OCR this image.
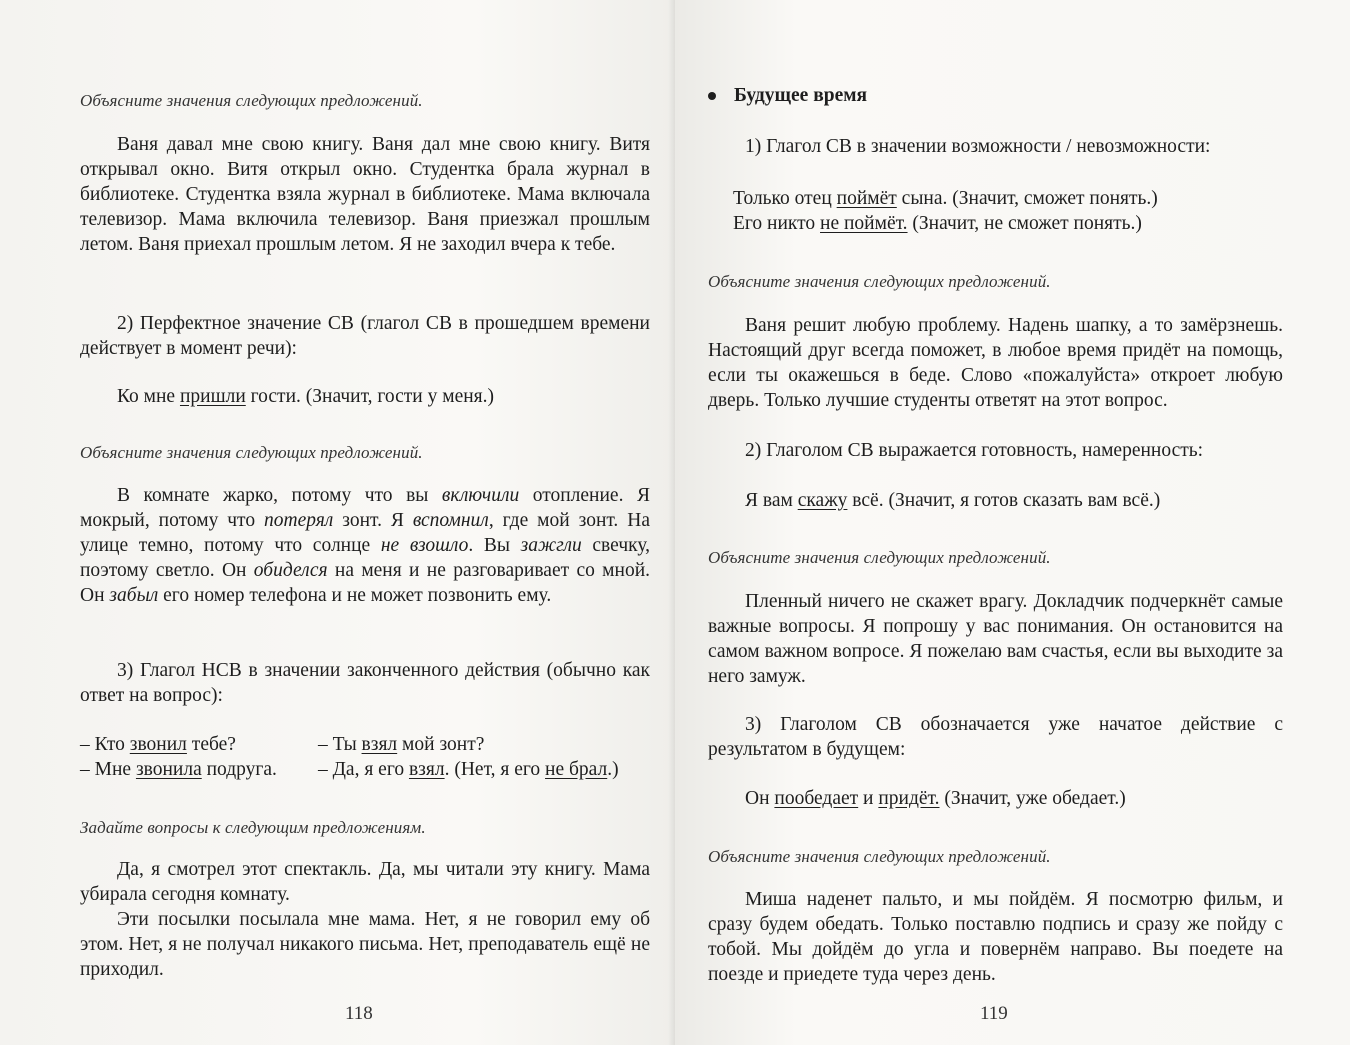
Объясните значения следующих предложений.

Ваня давал мне свою книгу. Ваня дал мне свою книгу. Витя открывал окно. Витя открыл окно. Студентка брала журнал в библиотеке. Студентка взяла журнал в библиотеке. Мама включала телевизор. Мама включила телевизор. Ваня приезжал прошлым летом. Ваня приехал прошлым летом. Я не заходил вчера к тебе.

2) Перфектное значение СВ (глагол СВ в прошедшем времени действует в момент речи):

Ко мне пришли гости. (Значит, гости у меня.)

Объясните значения следующих предложений.

В комнате жарко, потому что вы включили отопление. Я мокрый, потому что потерял зонт. Я вспомнил, где мой зонт. На улице темно, потому что солнце не взошло. Вы зажгли свечку, поэтому светло. Он обиделся на меня и не разговаривает со мной. Он забыл его номер телефона и не может позвонить ему.

3) Глагол НСВ в значении законченного действия (обычно как ответ на вопрос):

– Кто звонил тебе?	– Ты взял мой зонт?
– Мне звонила подруга.	– Да, я его взял. (Нет, я его не брал.)

Задайте вопросы к следующим предложениям.

Да, я смотрел этот спектакль. Да, мы читали эту книгу. Мама убирала сегодня комнату.

Эти посылки посылала мне мама. Нет, я не говорил ему об этом. Нет, я не получал никакого письма. Нет, преподаватель ещё не приходил.

118
Будущее время

1) Глагол СВ в значении возможности / невозможности:

Только отец поймёт сына. (Значит, сможет понять.)

Его никто не поймёт. (Значит, не сможет понять.)

Объясните значения следующих предложений.

Ваня решит любую проблему. Надень шапку, а то замёрзнешь. Настоящий друг всегда поможет, в любое время придёт на помощь, если ты окажешься в беде. Слово «пожалуйста» откроет любую дверь. Только лучшие студенты ответят на этот вопрос.

2) Глаголом СВ выражается готовность, намеренность:

Я вам скажу всё. (Значит, я готов сказать вам всё.)

Объясните значения следующих предложений.

Пленный ничего не скажет врагу. Докладчик подчеркнёт самые важные вопросы. Я попрошу у вас понимания. Он остановится на самом важном вопросе. Я пожелаю вам счастья, если вы выходите за него замуж.

3) Глаголом СВ обозначается уже начатое действие с результатом в будущем:

Он пообедает и придёт. (Значит, уже обедает.)

Объясните значения следующих предложений.

Миша наденет пальто, и мы пойдём. Я посмотрю фильм, и сразу будем обедать. Только поставлю подпись и сразу же пойду с тобой. Мы дойдём до угла и повернём направо. Вы поедете на поезде и приедете туда через день.

119
